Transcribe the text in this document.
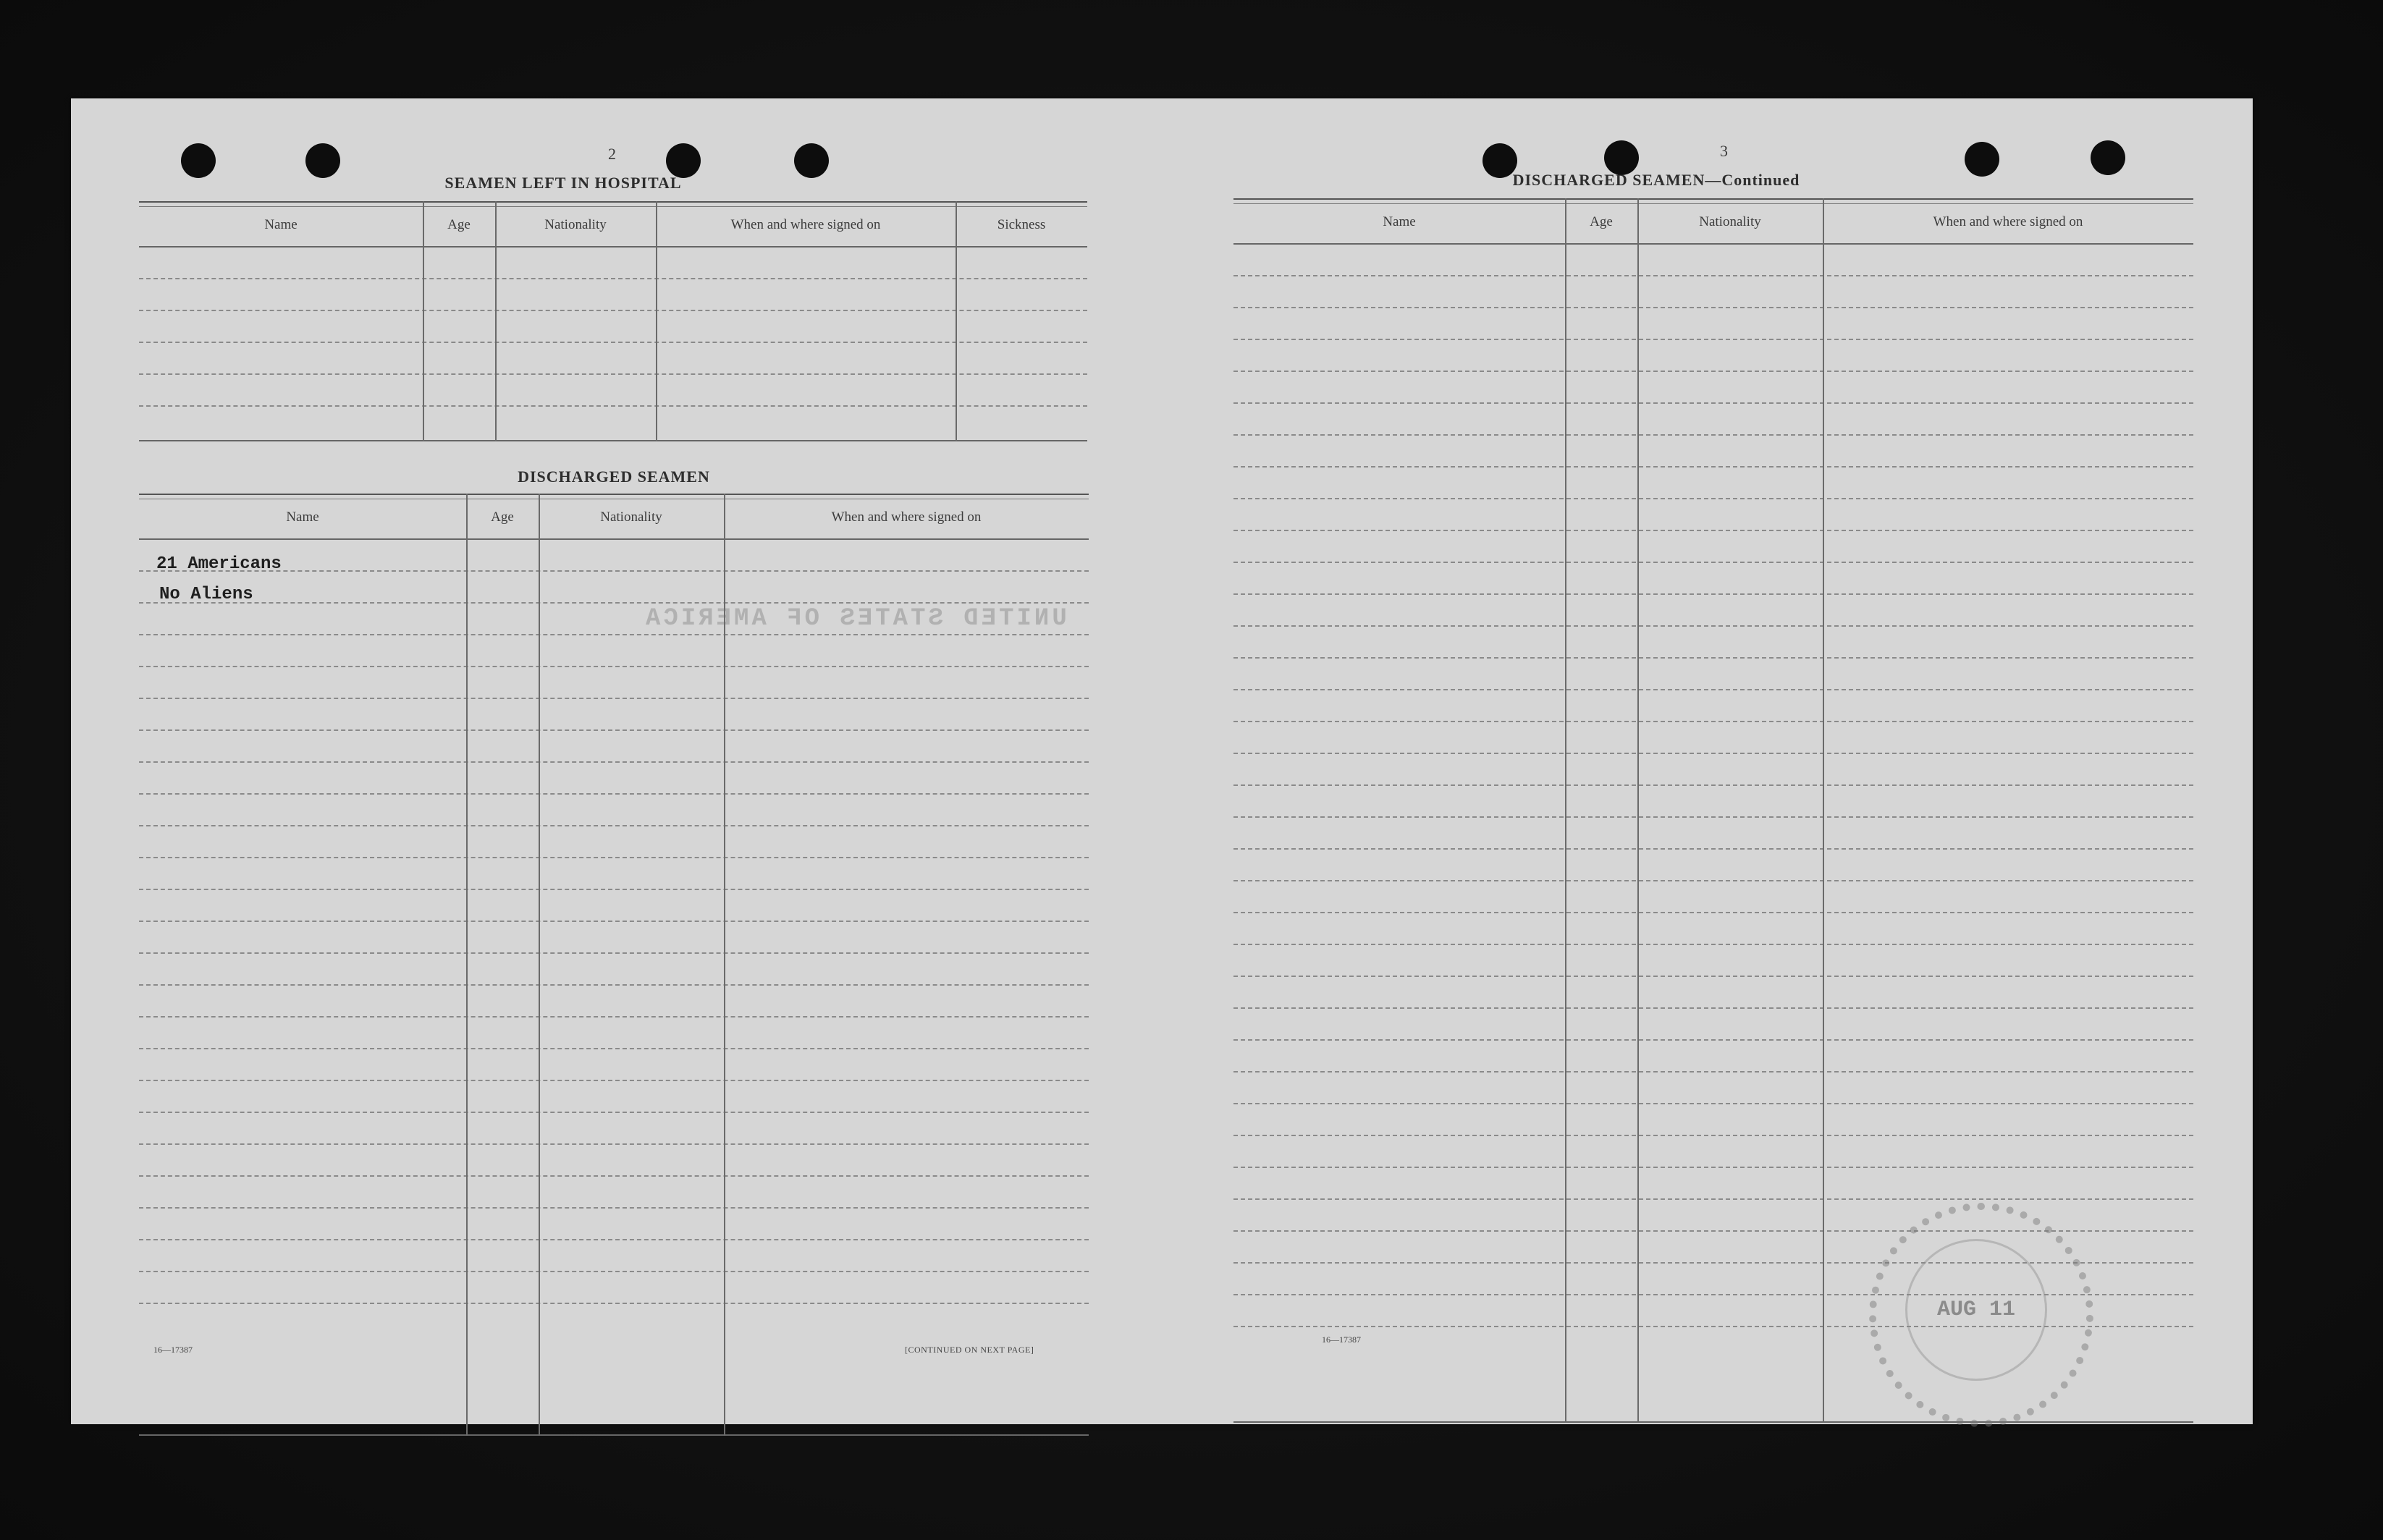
UNITED STATES OF AMERICA
2
SEAMEN LEFT IN HOSPITAL
Name	Age	Nationality	When and where signed on	Sickness
DISCHARGED SEAMEN
Name	Age	Nationality	When and where signed on
21 Americans
No Aliens
16—17387	[CONTINUED ON NEXT PAGE]
3
DISCHARGED SEAMEN—Continued
Name	Age	Nationality	When and where signed on
16—17387
AUG 11
